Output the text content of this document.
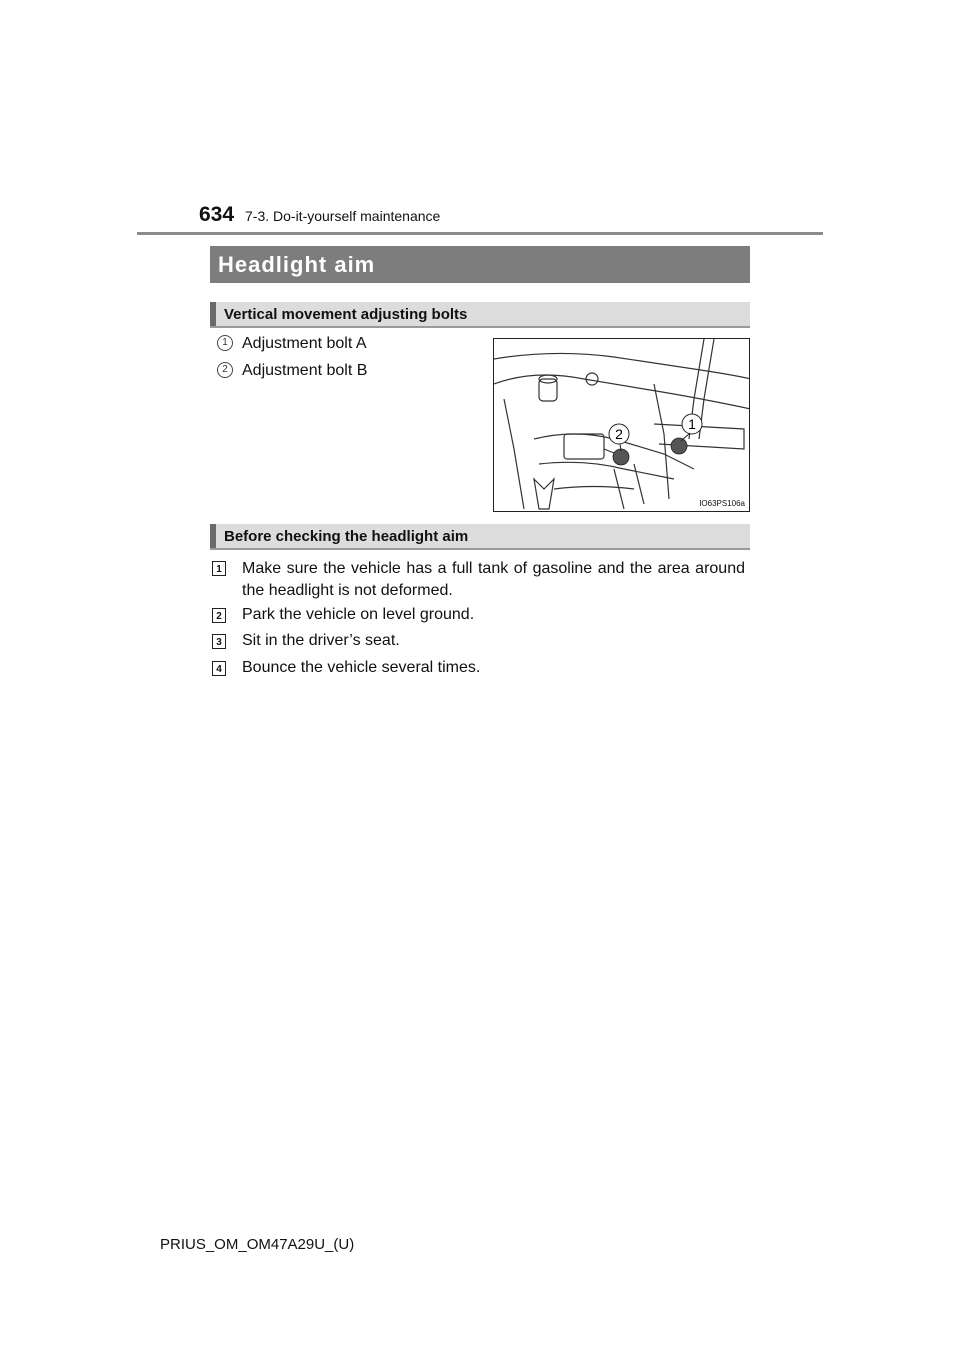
634 7-3. Do-it-yourself maintenance
Headlight aim
Vertical movement adjusting bolts
1 Adjustment bolt A
2 Adjustment bolt B
1
2
IO63PS106a
Before checking the headlight aim
1 Make sure the vehicle has a full tank of gasoline and the area around the headlight is not deformed.
2 Park the vehicle on level ground.
3 Sit in the driver’s seat.
4 Bounce the vehicle several times.
PRIUS_OM_OM47A29U_(U)
